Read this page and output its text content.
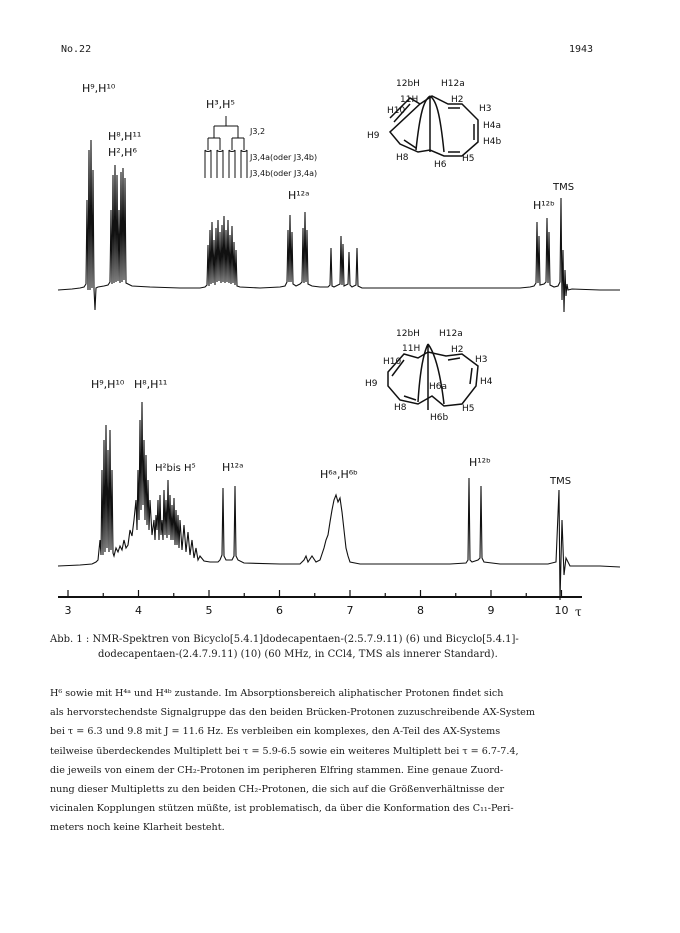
No.22	1943
H⁹,H¹⁰
H⁸,H¹¹
H²,H⁶
H³,H⁵
J3,2
J3,4a(oder J3,4b)
J3,4b(oder J3,4a)
H¹²ᵃ
H¹²ᵇ
TMS
12bH H12a
11H
H10
H2
H3
H4a
H4b
H9
H8
H6
H5
H⁹,H¹⁰ H⁸,H¹¹
H²bis H⁵ H¹²ᵃ
H⁶ᵃ,H⁶ᵇ
H¹²ᵇ
TMS
12bH H12a
11H
H10
H2
H3
H4
H9
H8
H6a
H6b
H5
3	4	5	6	7	8	9	10 τ
Abb. 1 : NMR-Spektren von Bicyclo[5.4.1]dodecapentaen-(2.5.7.9.11) (6) und Bicyclo[5.4.1]-
dodecapentaen-(2.4.7.9.11) (10) (60 MHz, in CCl4, TMS als innerer Standard).

H⁶ sowie mit H⁴ᵃ und H⁴ᵇ zustande. Im Absorptionsbereich aliphatischer Protonen findet sich

als hervorstechendste Signalgruppe das den beiden Brücken-Protonen zuzuschreibende AX-System

bei τ = 6.3 und 9.8 mit J = 11.6 Hz. Es verbleiben ein komplexes, den A-Teil des AX-Systems

teilweise überdeckendes Multiplett bei τ = 5.9-6.5 sowie ein weiteres Multiplett bei τ = 6.7-7.4,

die jeweils von einem der CH₂-Protonen im peripheren Elfring stammen. Eine genaue Zuord-

nung dieser Multipletts zu den beiden CH₂-Protonen, die sich auf die Größenverhältnisse der

vicinalen Kopplungen stützen müßte, ist problematisch, da über die Konformation des C₁₁-Peri-

meters noch keine Klarheit besteht.
